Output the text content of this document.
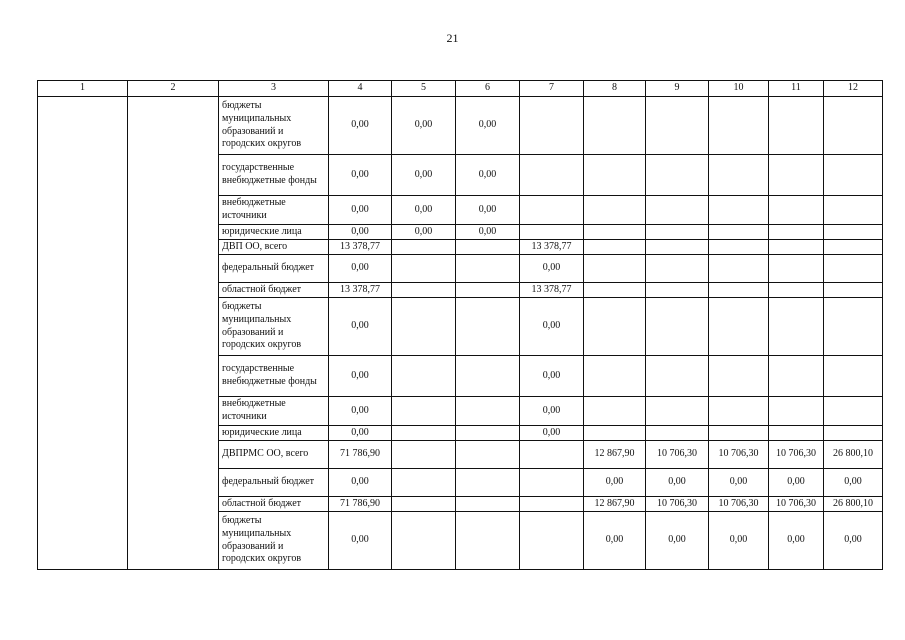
21
1	2	3	4	5	6	7	8	9	10	11	12
		бюджеты муниципальных образований и городских округов	0,00	0,00	0,00						
		государственные внебюджетные фонды	0,00	0,00	0,00						
		внебюджетные источники	0,00	0,00	0,00						
		юридические лица	0,00	0,00	0,00						
		ДВП ОО, всего	13 378,77			13 378,77					
		федеральный бюджет	0,00			0,00					
		областной бюджет	13 378,77			13 378,77					
		бюджеты муниципальных образований и городских округов	0,00			0,00					
		государственные внебюджетные фонды	0,00			0,00					
		внебюджетные источники	0,00			0,00					
		юридические лица	0,00			0,00					
		ДВПРМС ОО, всего	71 786,90				12 867,90	10 706,30	10 706,30	10 706,30	26 800,10
		федеральный бюджет	0,00				0,00	0,00	0,00	0,00	0,00
		областной бюджет	71 786,90				12 867,90	10 706,30	10 706,30	10 706,30	26 800,10
		бюджеты муниципальных образований и городских округов	0,00				0,00	0,00	0,00	0,00	0,00
